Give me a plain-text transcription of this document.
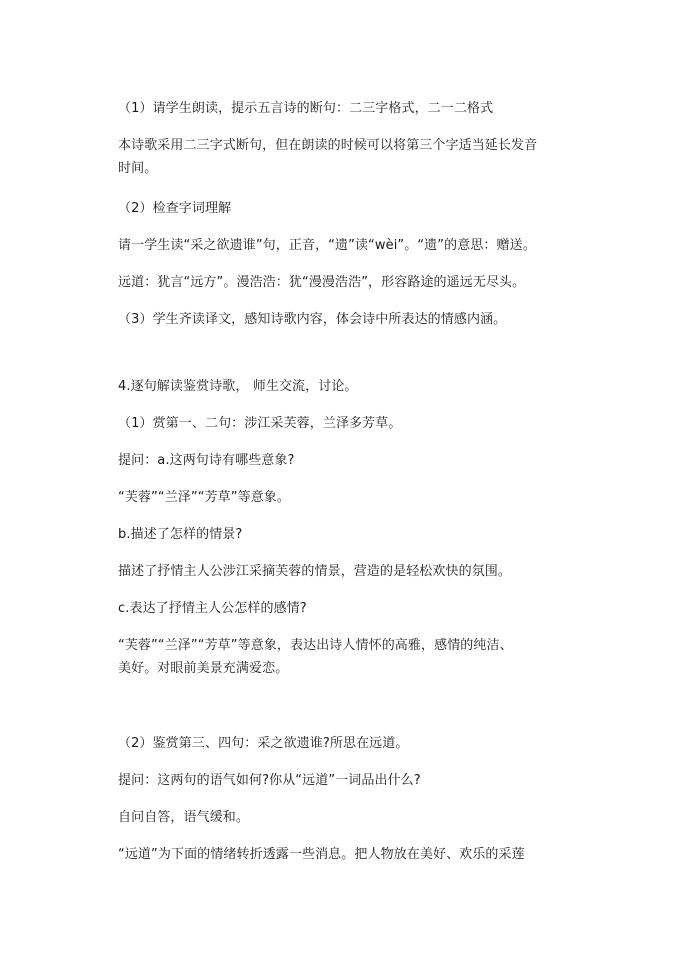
（1）请学生朗读，提示五言诗的断句：二三字格式，二一二格式
本诗歌采用二三字式断句，但在朗读的时候可以将第三个字适当延长发音
时间。
（2）检查字词理解
请一学生读“采之欲遗谁”句，正音，“遗”读“wèi”。“遗”的意思：赠送。
远道：犹言“远方”。漫浩浩：犹“漫漫浩浩”，形容路途的遥远无尽头。
（3）学生齐读译文，感知诗歌内容，体会诗中所表达的情感内涵。
4.逐句解读鉴赏诗歌， 师生交流，讨论。
（1）赏第一、二句：涉江采芙蓉，兰泽多芳草。
提问：a.这两句诗有哪些意象?
“芙蓉”“兰泽”“芳草”等意象。
b.描述了怎样的情景?
描述了抒情主人公涉江采摘芙蓉的情景，营造的是轻松欢快的氛围。
c.表达了抒情主人公怎样的感情?
“芙蓉”“兰泽”“芳草”等意象，表达出诗人情怀的高雅，感情的纯洁、
美好。对眼前美景充满爱恋。
（2）鉴赏第三、四句：采之欲遗谁?所思在远道。
提问：这两句的语气如何?你从“远道”一词品出什么?
自问自答，语气缓和。
“远道”为下面的情绪转折透露一些消息。把人物放在美好、欢乐的采莲
